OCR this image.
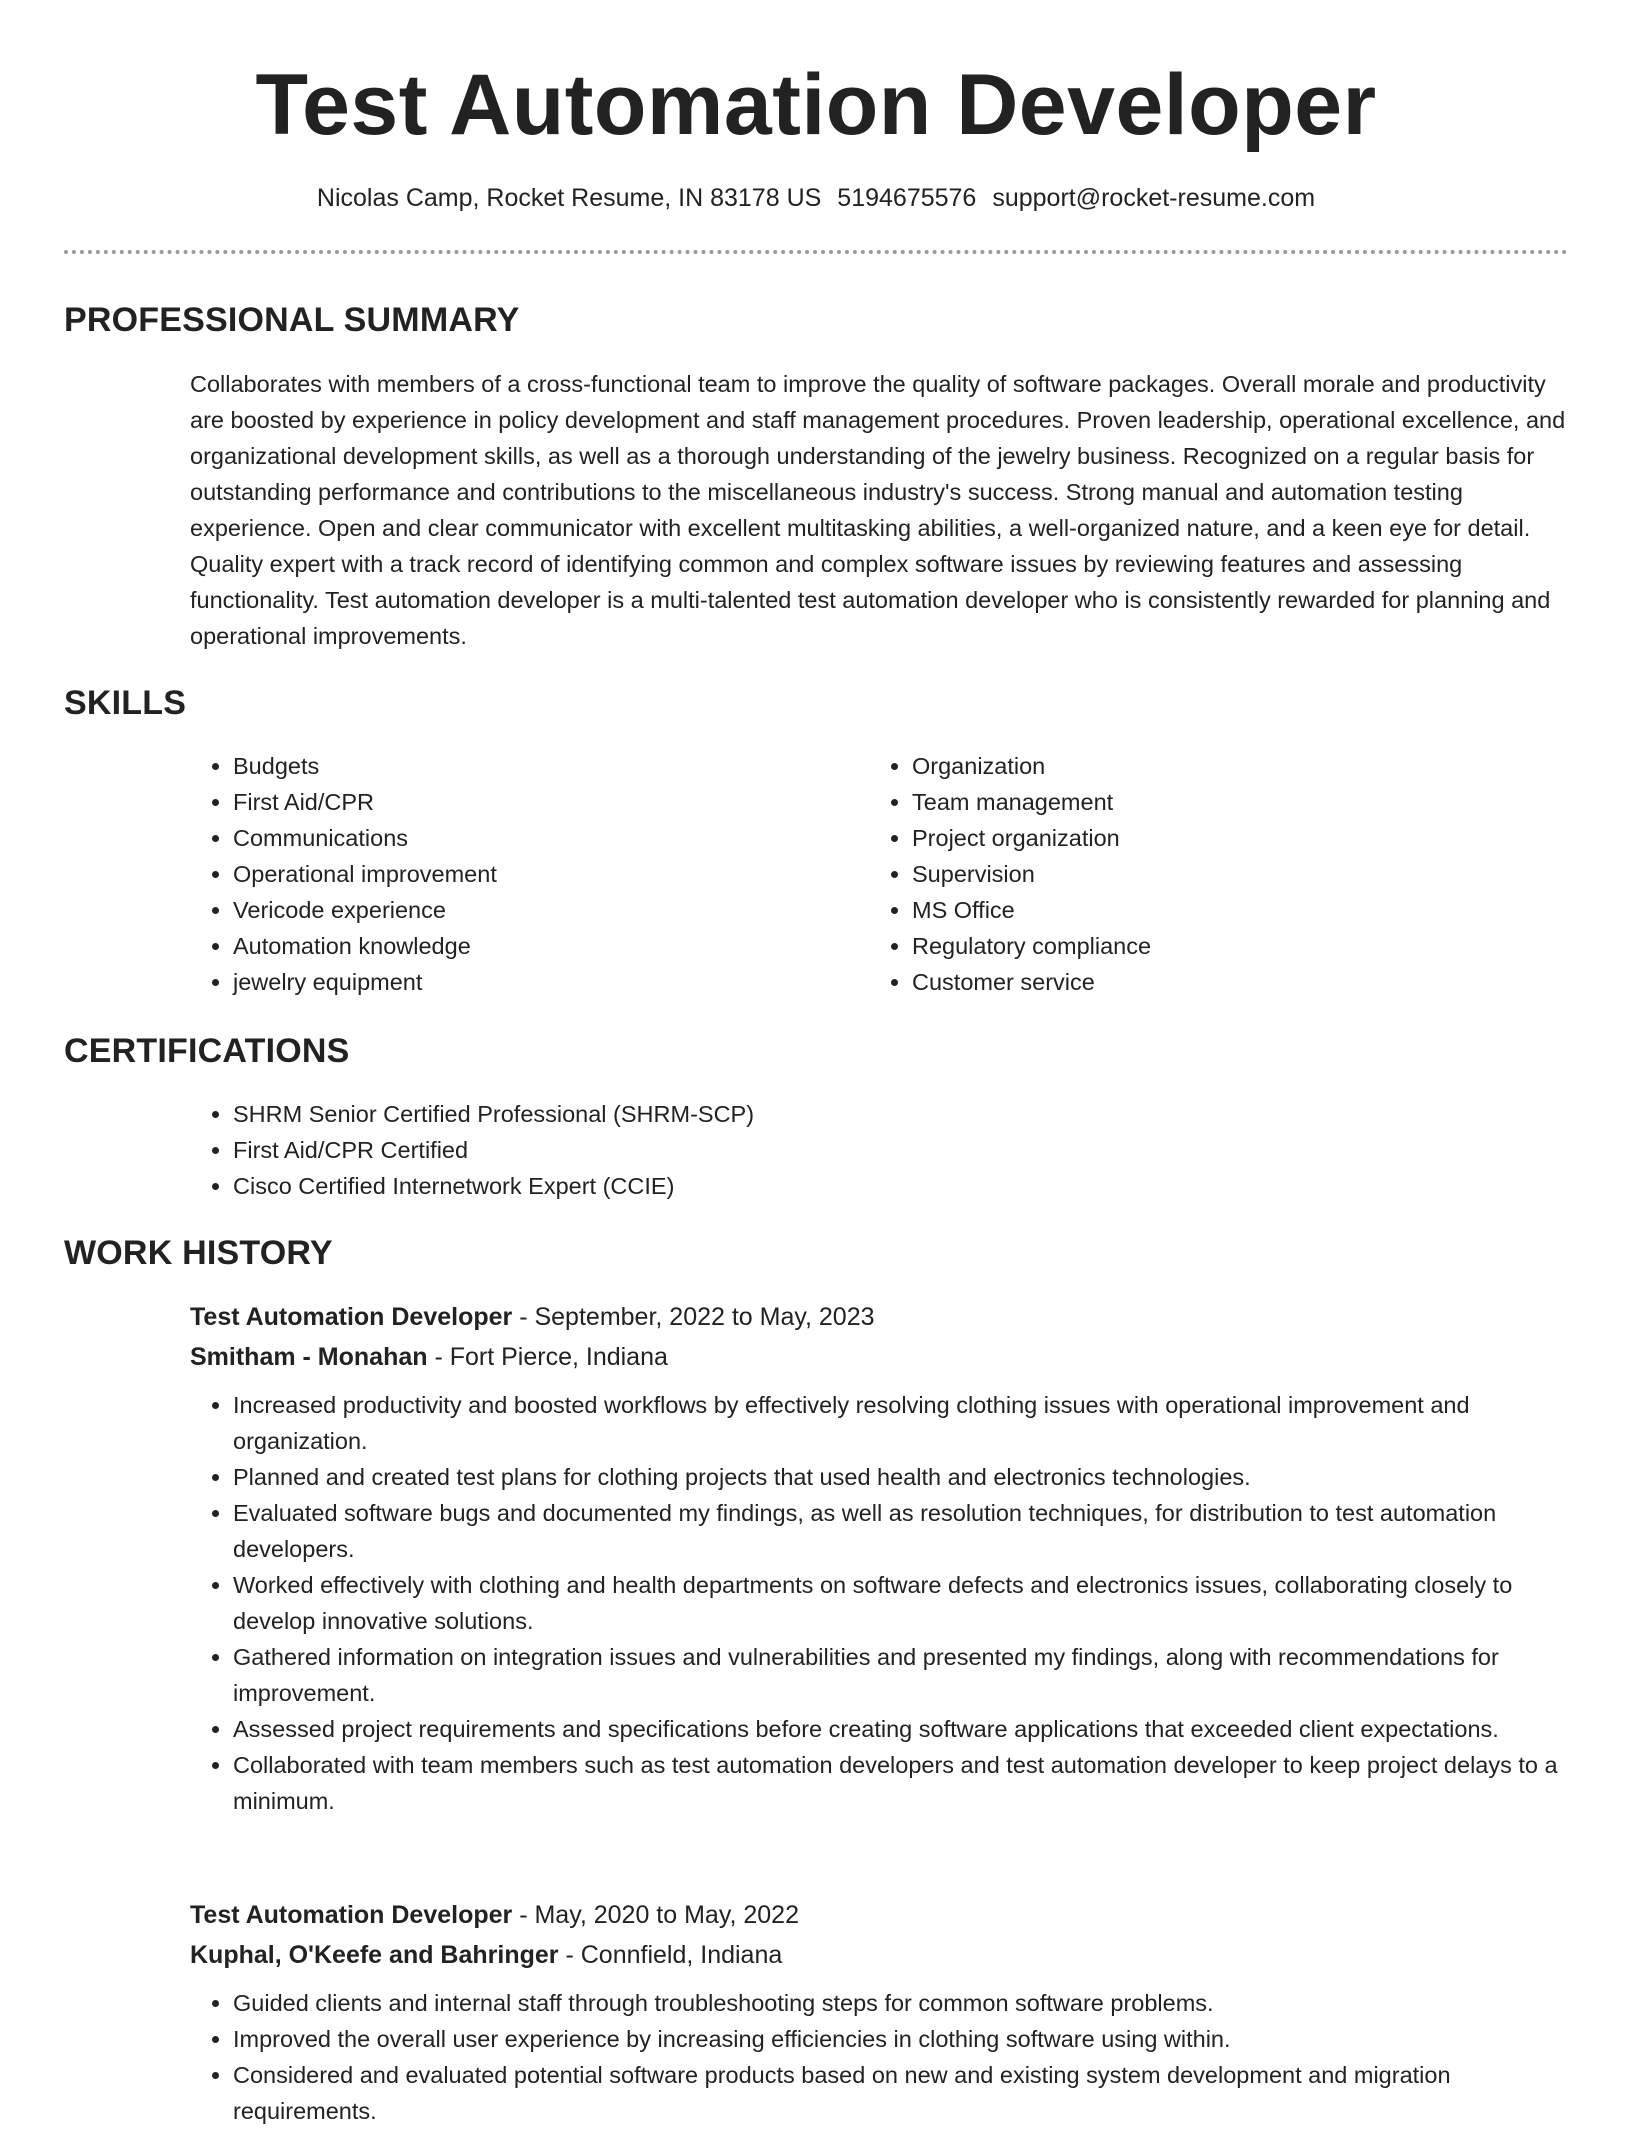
Test Automation Developer
Nicolas Camp, Rocket Resume, IN 83178 US 5194675576 support@rocket-resume.com
PROFESSIONAL SUMMARY
Collaborates with members of a cross-functional team to improve the quality of software packages. Overall morale and productivity are boosted by experience in policy development and staff management procedures. Proven leadership, operational excellence, and organizational development skills, as well as a thorough understanding of the jewelry business. Recognized on a regular basis for outstanding performance and contributions to the miscellaneous industry's success. Strong manual and automation testing experience. Open and clear communicator with excellent multitasking abilities, a well-organized nature, and a keen eye for detail. Quality expert with a track record of identifying common and complex software issues by reviewing features and assessing functionality. Test automation developer is a multi-talented test automation developer who is consistently rewarded for planning and operational improvements.
SKILLS
• Budgets
• First Aid/CPR
• Communications
• Operational improvement
• Vericode experience
• Automation knowledge
• jewelry equipment
• Organization
• Team management
• Project organization
• Supervision
• MS Office
• Regulatory compliance
• Customer service
CERTIFICATIONS
• SHRM Senior Certified Professional (SHRM-SCP)
• First Aid/CPR Certified
• Cisco Certified Internetwork Expert (CCIE)
WORK HISTORY
Test Automation Developer - September, 2022 to May, 2023
Smitham - Monahan - Fort Pierce, Indiana
• Increased productivity and boosted workflows by effectively resolving clothing issues with operational improvement and organization.
• Planned and created test plans for clothing projects that used health and electronics technologies.
• Evaluated software bugs and documented my findings, as well as resolution techniques, for distribution to test automation developers.
• Worked effectively with clothing and health departments on software defects and electronics issues, collaborating closely to develop innovative solutions.
• Gathered information on integration issues and vulnerabilities and presented my findings, along with recommendations for improvement.
• Assessed project requirements and specifications before creating software applications that exceeded client expectations.
• Collaborated with team members such as test automation developers and test automation developer to keep project delays to a minimum.
Test Automation Developer - May, 2020 to May, 2022
Kuphal, O'Keefe and Bahringer - Connfield, Indiana
• Guided clients and internal staff through troubleshooting steps for common software problems.
• Improved the overall user experience by increasing efficiencies in clothing software using within.
• Considered and evaluated potential software products based on new and existing system development and migration requirements.
